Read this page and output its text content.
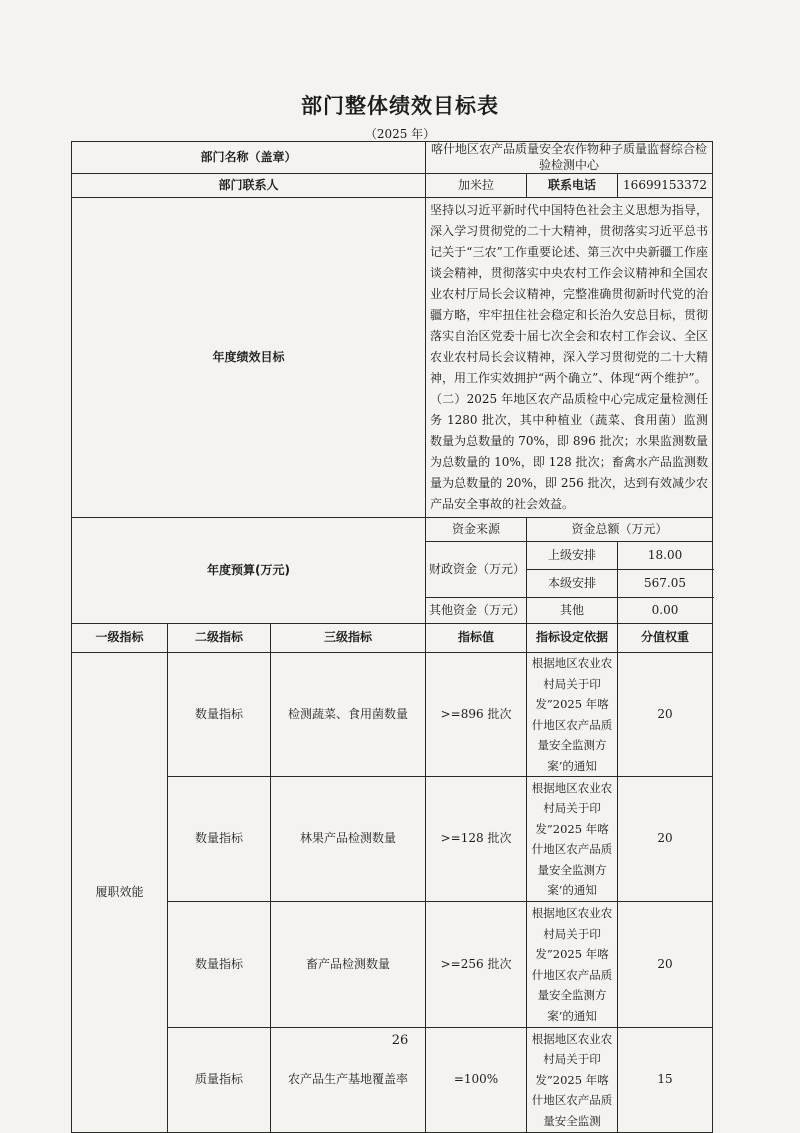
部门整体绩效目标表
（2025 年）
部门名称（盖章）			喀什地区农产品质量安全农作物种子质量监督综合检验检测中心		
部门联系人			加米拉	联系电话	16699153372
年度绩效目标			坚持以习近平新时代中国特色社会主义思想为指导，深入学习贯彻党的二十大精神，贯彻落实习近平总书记关于“三农”工作重要论述、第三次中央新疆工作座谈会精神，贯彻落实中央农村工作会议精神和全国农业农村厅局长会议精神，完整准确贯彻新时代党的治疆方略，牢牢扭住社会稳定和长治久安总目标，贯彻落实自治区党委十届七次全会和农村工作会议、全区农业农村局长会议精神，深入学习贯彻党的二十大精神，用工作实效拥护“两个确立”、体现“两个维护”。

（二）2025 年地区农产品质检中心完成定量检测任务 1280 批次，其中种植业（蔬菜、食用菌）监测数量为总数量的 70%，即 896 批次；水果监测数量为总数量的 10%，即 128 批次；畜禽水产品监测数量为总数量的 20%，即 256 批次，达到有效减少农产品安全事故的社会效益。		

年度预算(万元)			资金来源	资金总额（万元）	
			财政资金（万元）	上级安排	18.00
				本级安排	567.05
			其他资金（万元）	其他	0.00
一级指标	二级指标	三级指标	指标值	指标设定依据	分值权重
履职效能	数量指标	检测蔬菜、食用菌数量	>=896 批次	根据地区农业农村局关于印发”2025 年喀什地区农产品质量安全监测方案’的通知	20
	数量指标	林果产品检测数量	>=128 批次	根据地区农业农村局关于印发”2025 年喀什地区农产品质量安全监测方案’的通知	20
	数量指标	畜产品检测数量	>=256 批次	根据地区农业农村局关于印发”2025 年喀什地区农产品质量安全监测方案’的通知	20
	质量指标	农产品生产基地覆盖率	=100%	根据地区农业农村局关于印发”2025 年喀什地区农产品质量安全监测	15
26
